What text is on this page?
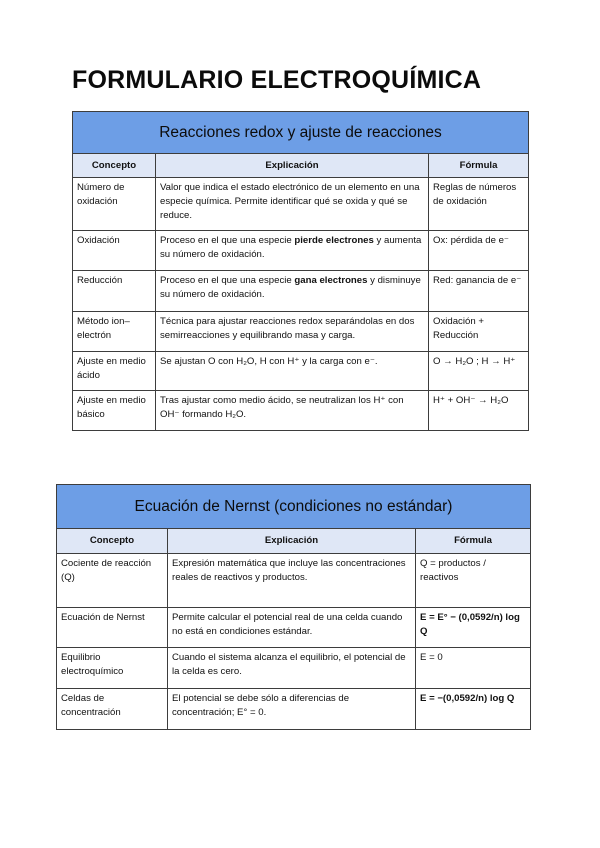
FORMULARIO ELECTROQUÍMICA
Reacciones redox y ajuste de reacciones		
Concepto	Explicación	Fórmula
Número de oxidación	Valor que indica el estado electrónico de un elemento en una especie química. Permite identificar qué se oxida y qué se reduce.	Reglas de números de oxidación
Oxidación	Proceso en el que una especie pierde electrones y aumenta su número de oxidación.	Ox: pérdida de e⁻
Reducción	Proceso en el que una especie gana electrones y disminuye su número de oxidación.	Red: ganancia de e⁻
Método ion–electrón	Técnica para ajustar reacciones redox separándolas en dos semirreacciones y equilibrando masa y carga.	Oxidación + Reducción
Ajuste en medio ácido	Se ajustan O con H₂O, H con H⁺ y la carga con e⁻.	O → H₂O ; H → H⁺
Ajuste en medio básico	Tras ajustar como medio ácido, se neutralizan los H⁺ con OH⁻ formando H₂O.	H⁺ + OH⁻ → H₂O
Ecuación de Nernst (condiciones no estándar)		
Concepto	Explicación	Fórmula
Cociente de reacción (Q)	Expresión matemática que incluye las concentraciones reales de reactivos y productos.	Q = productos / reactivos
Ecuación de Nernst	Permite calcular el potencial real de una celda cuando no está en condiciones estándar.	E = E° − (0,0592/n) log Q
Equilibrio electroquímico	Cuando el sistema alcanza el equilibrio, el potencial de la celda es cero.	E = 0
Celdas de concentración	El potencial se debe sólo a diferencias de concentración; E° = 0.	E = −(0,0592/n) log Q
